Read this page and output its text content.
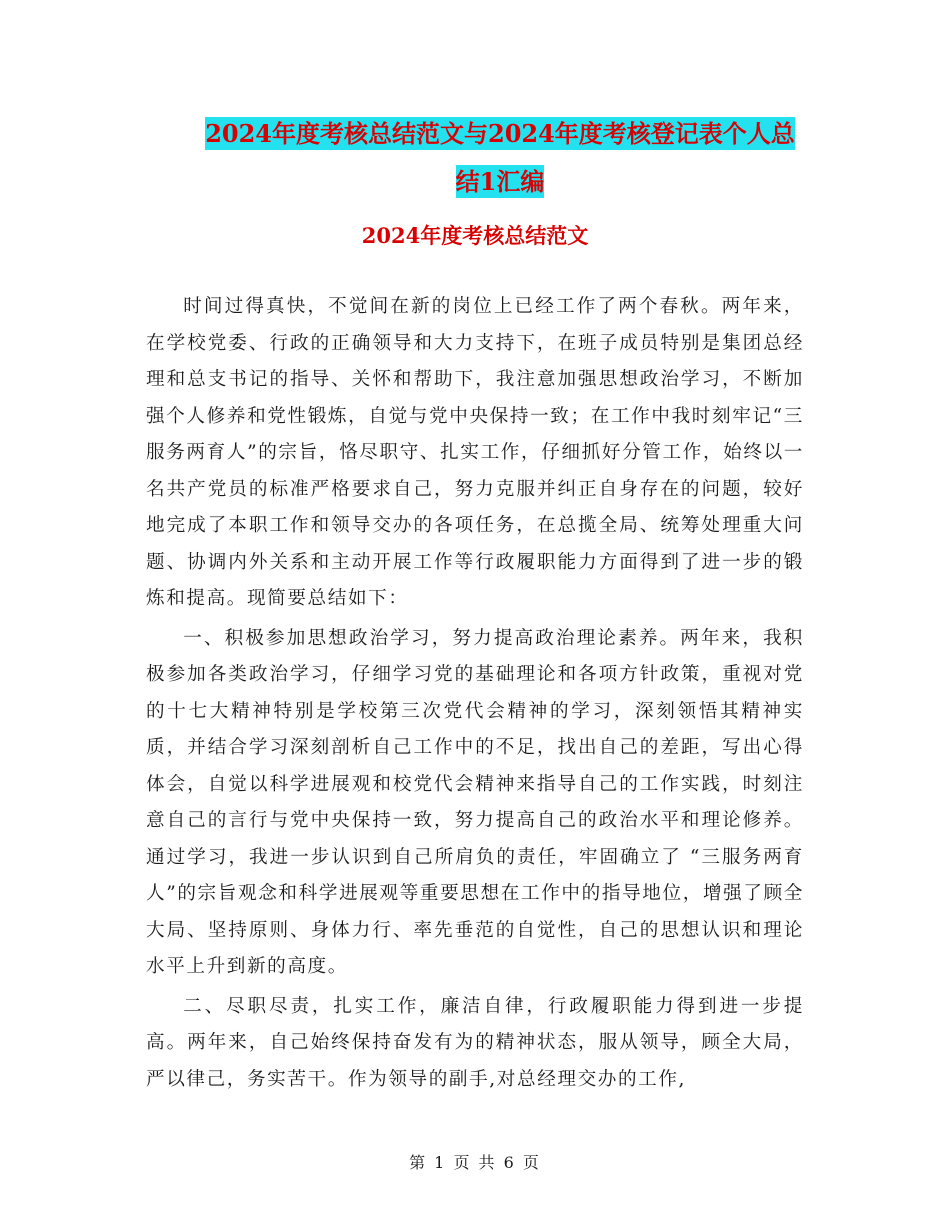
2024年度考核总结范文与2024年度考核登记表个人总
结1汇编
2024年度考核总结范文

时间过得真快，不觉间在新的岗位上已经工作了两个春秋。两年来，在学校党委、行政的正确领导和大力支持下，在班子成员特别是集团总经理和总支书记的指导、关怀和帮助下，我注意加强思想政治学习，不断加强个人修养和党性锻炼，自觉与党中央保持一致；在工作中我时刻牢记“三服务两育人”的宗旨，恪尽职守、扎实工作，仔细抓好分管工作，始终以一名共产党员的标准严格要求自己，努力克服并纠正自身存在的问题，较好地完成了本职工作和领导交办的各项任务，在总揽全局、统筹处理重大问题、协调内外关系和主动开展工作等行政履职能力方面得到了进一步的锻炼和提高。现简要总结如下：

一、积极参加思想政治学习，努力提高政治理论素养。两年来，我积极参加各类政治学习，仔细学习党的基础理论和各项方针政策，重视对党的十七大精神特别是学校第三次党代会精神的学习，深刻领悟其精神实质，并结合学习深刻剖析自己工作中的不足，找出自己的差距，写出心得体会，自觉以科学进展观和校党代会精神来指导自己的工作实践，时刻注意自己的言行与党中央保持一致，努力提高自己的政治水平和理论修养。通过学习，我进一步认识到自己所肩负的责任，牢固确立了 “三服务两育人”的宗旨观念和科学进展观等重要思想在工作中的指导地位，增强了顾全大局、坚持原则、身体力行、率先垂范的自觉性，自己的思想认识和理论水平上升到新的高度。

二、尽职尽责，扎实工作，廉洁自律，行政履职能力得到进一步提高。两年来，自己始终保持奋发有为的精神状态，服从领导，顾全大局，严以律己，务实苦干。作为领导的副手,对总经理交办的工作,

第 1 页 共 6 页
